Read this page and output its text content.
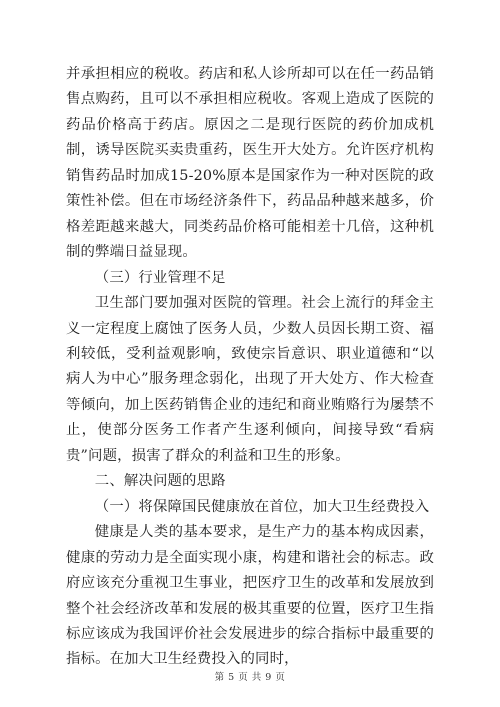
并承担相应的税收。药店和私人诊所却可以在任一药品销售点购药，且可以不承担相应税收。客观上造成了医院的药品价格高于药店。原因之二是现行医院的药价加成机制，诱导医院买卖贵重药，医生开大处方。允许医疗机构销售药品时加成15-20%原本是国家作为一种对医院的政策性补偿。但在市场经济条件下，药品品种越来越多，价格差距越来越大，同类药品价格可能相差十几倍，这种机制的弊端日益显现。

（三）行业管理不足

卫生部门要加强对医院的管理。社会上流行的拜金主义一定程度上腐蚀了医务人员，少数人员因长期工资、福利较低，受利益观影响，致使宗旨意识、职业道德和“以病人为中心”服务理念弱化，出现了开大处方、作大检查等倾向，加上医药销售企业的违纪和商业贿赂行为屡禁不止，使部分医务工作者产生逐利倾向，间接导致“看病贵”问题，损害了群众的利益和卫生的形象。

二、解决问题的思路

（一）将保障国民健康放在首位，加大卫生经费投入

健康是人类的基本要求，是生产力的基本构成因素，健康的劳动力是全面实现小康，构建和谐社会的标志。政府应该充分重视卫生事业，把医疗卫生的改革和发展放到整个社会经济改革和发展的极其重要的位置，医疗卫生指标应该成为我国评价社会发展进步的综合指标中最重要的指标。在加大卫生经费投入的同时，

第 5 页 共 9 页
